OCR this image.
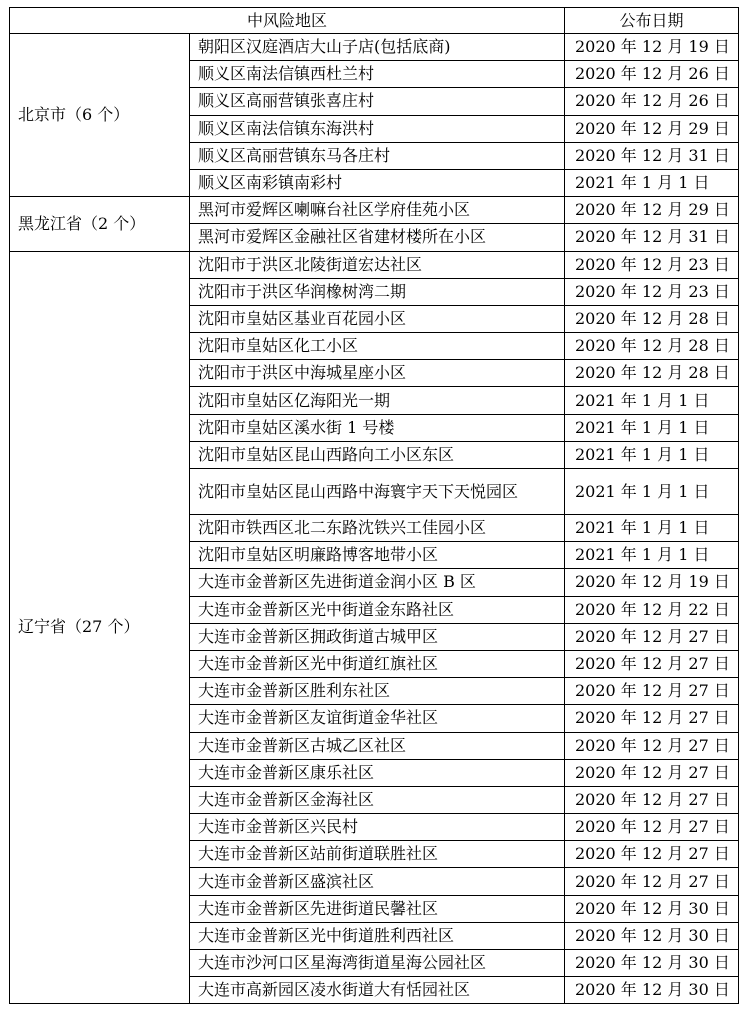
中风险地区		公布日期
北京市（6 个）	朝阳区汉庭酒店大山子店(包括底商)	2020 年 12 月 19 日
	顺义区南法信镇西杜兰村	2020 年 12 月 26 日
	顺义区高丽营镇张喜庄村	2020 年 12 月 26 日
	顺义区南法信镇东海洪村	2020 年 12 月 29 日
	顺义区高丽营镇东马各庄村	2020 年 12 月 31 日
	顺义区南彩镇南彩村	2021 年 1 月 1 日
黑龙江省（2 个）	黑河市爱辉区喇嘛台社区学府佳苑小区	2020 年 12 月 29 日
	黑河市爱辉区金融社区省建材楼所在小区	2020 年 12 月 31 日
辽宁省（27 个）	沈阳市于洪区北陵街道宏达社区	2020 年 12 月 23 日
	沈阳市于洪区华润橡树湾二期	2020 年 12 月 23 日
	沈阳市皇姑区基业百花园小区	2020 年 12 月 28 日
	沈阳市皇姑区化工小区	2020 年 12 月 28 日
	沈阳市于洪区中海城星座小区	2020 年 12 月 28 日
	沈阳市皇姑区亿海阳光一期	2021 年 1 月 1 日
	沈阳市皇姑区溪水街 1 号楼	2021 年 1 月 1 日
	沈阳市皇姑区昆山西路向工小区东区	2021 年 1 月 1 日
	沈阳市皇姑区昆山西路中海寰宇天下天悦园区	2021 年 1 月 1 日
	沈阳市铁西区北二东路沈铁兴工佳园小区	2021 年 1 月 1 日
	沈阳市皇姑区明廉路博客地带小区	2021 年 1 月 1 日
	大连市金普新区先进街道金润小区 B 区	2020 年 12 月 19 日
	大连市金普新区光中街道金东路社区	2020 年 12 月 22 日
	大连市金普新区拥政街道古城甲区	2020 年 12 月 27 日
	大连市金普新区光中街道红旗社区	2020 年 12 月 27 日
	大连市金普新区胜利东社区	2020 年 12 月 27 日
	大连市金普新区友谊街道金华社区	2020 年 12 月 27 日
	大连市金普新区古城乙区社区	2020 年 12 月 27 日
	大连市金普新区康乐社区	2020 年 12 月 27 日
	大连市金普新区金海社区	2020 年 12 月 27 日
	大连市金普新区兴民村	2020 年 12 月 27 日
	大连市金普新区站前街道联胜社区	2020 年 12 月 27 日
	大连市金普新区盛滨社区	2020 年 12 月 27 日
	大连市金普新区先进街道民馨社区	2020 年 12 月 30 日
	大连市金普新区光中街道胜利西社区	2020 年 12 月 30 日
	大连市沙河口区星海湾街道星海公园社区	2020 年 12 月 30 日
	大连市高新园区凌水街道大有恬园社区	2020 年 12 月 30 日
